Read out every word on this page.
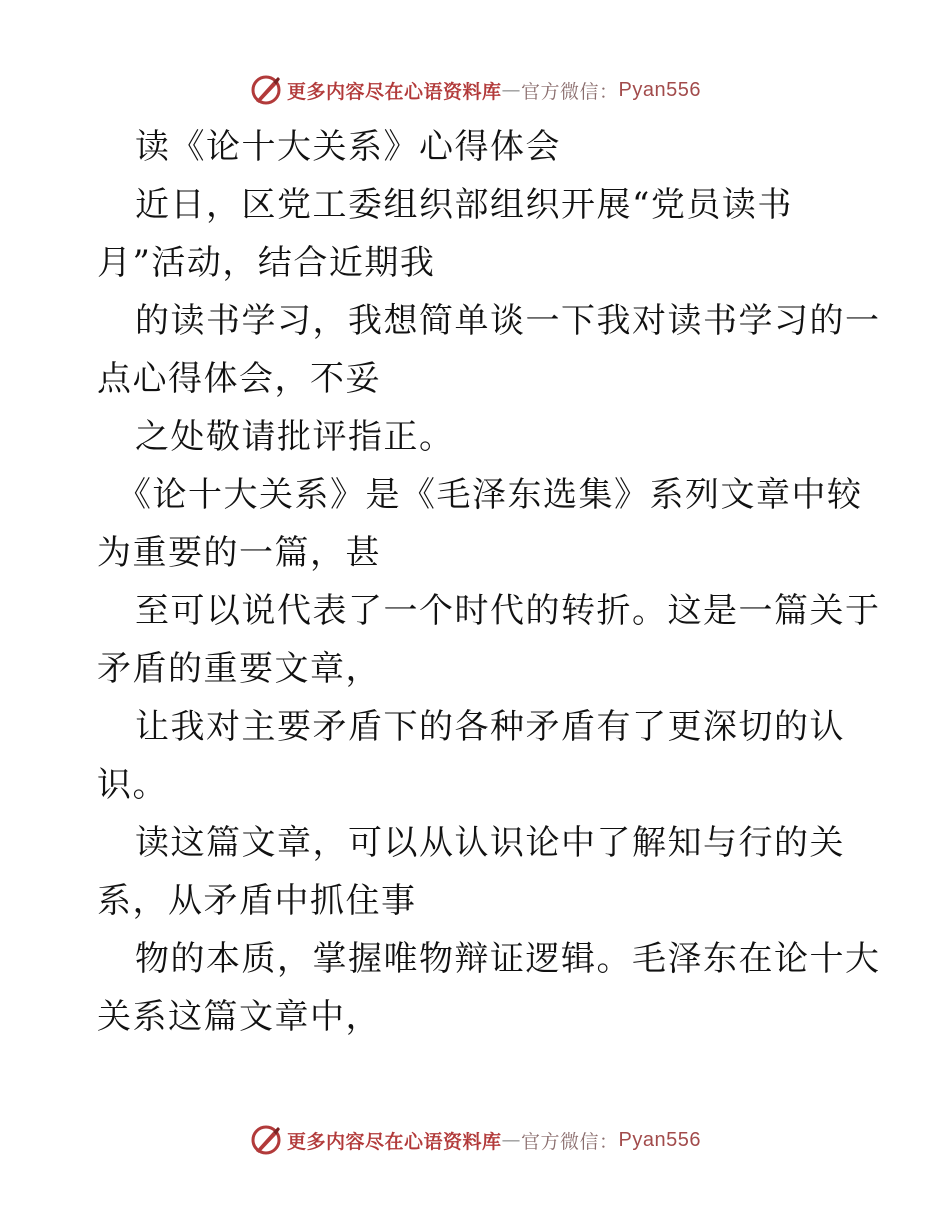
更多内容尽在心语资料库 — 官方微信： Pyan556
读《论十大关系》心得体会
近日，区党工委组织部组织开展“党员读书
月”活动，结合近期我
的读书学习，我想简单谈一下我对读书学习的一
点心得体会，不妥
之处敬请批评指正。
《论十大关系》是《毛泽东选集》系列文章中较
为重要的一篇，甚
至可以说代表了一个时代的转折。这是一篇关于
矛盾的重要文章，
让我对主要矛盾下的各种矛盾有了更深切的认
识。
读这篇文章，可以从认识论中了解知与行的关
系，从矛盾中抓住事
物的本质，掌握唯物辩证逻辑。毛泽东在论十大
关系这篇文章中，
更多内容尽在心语资料库 — 官方微信： Pyan556
